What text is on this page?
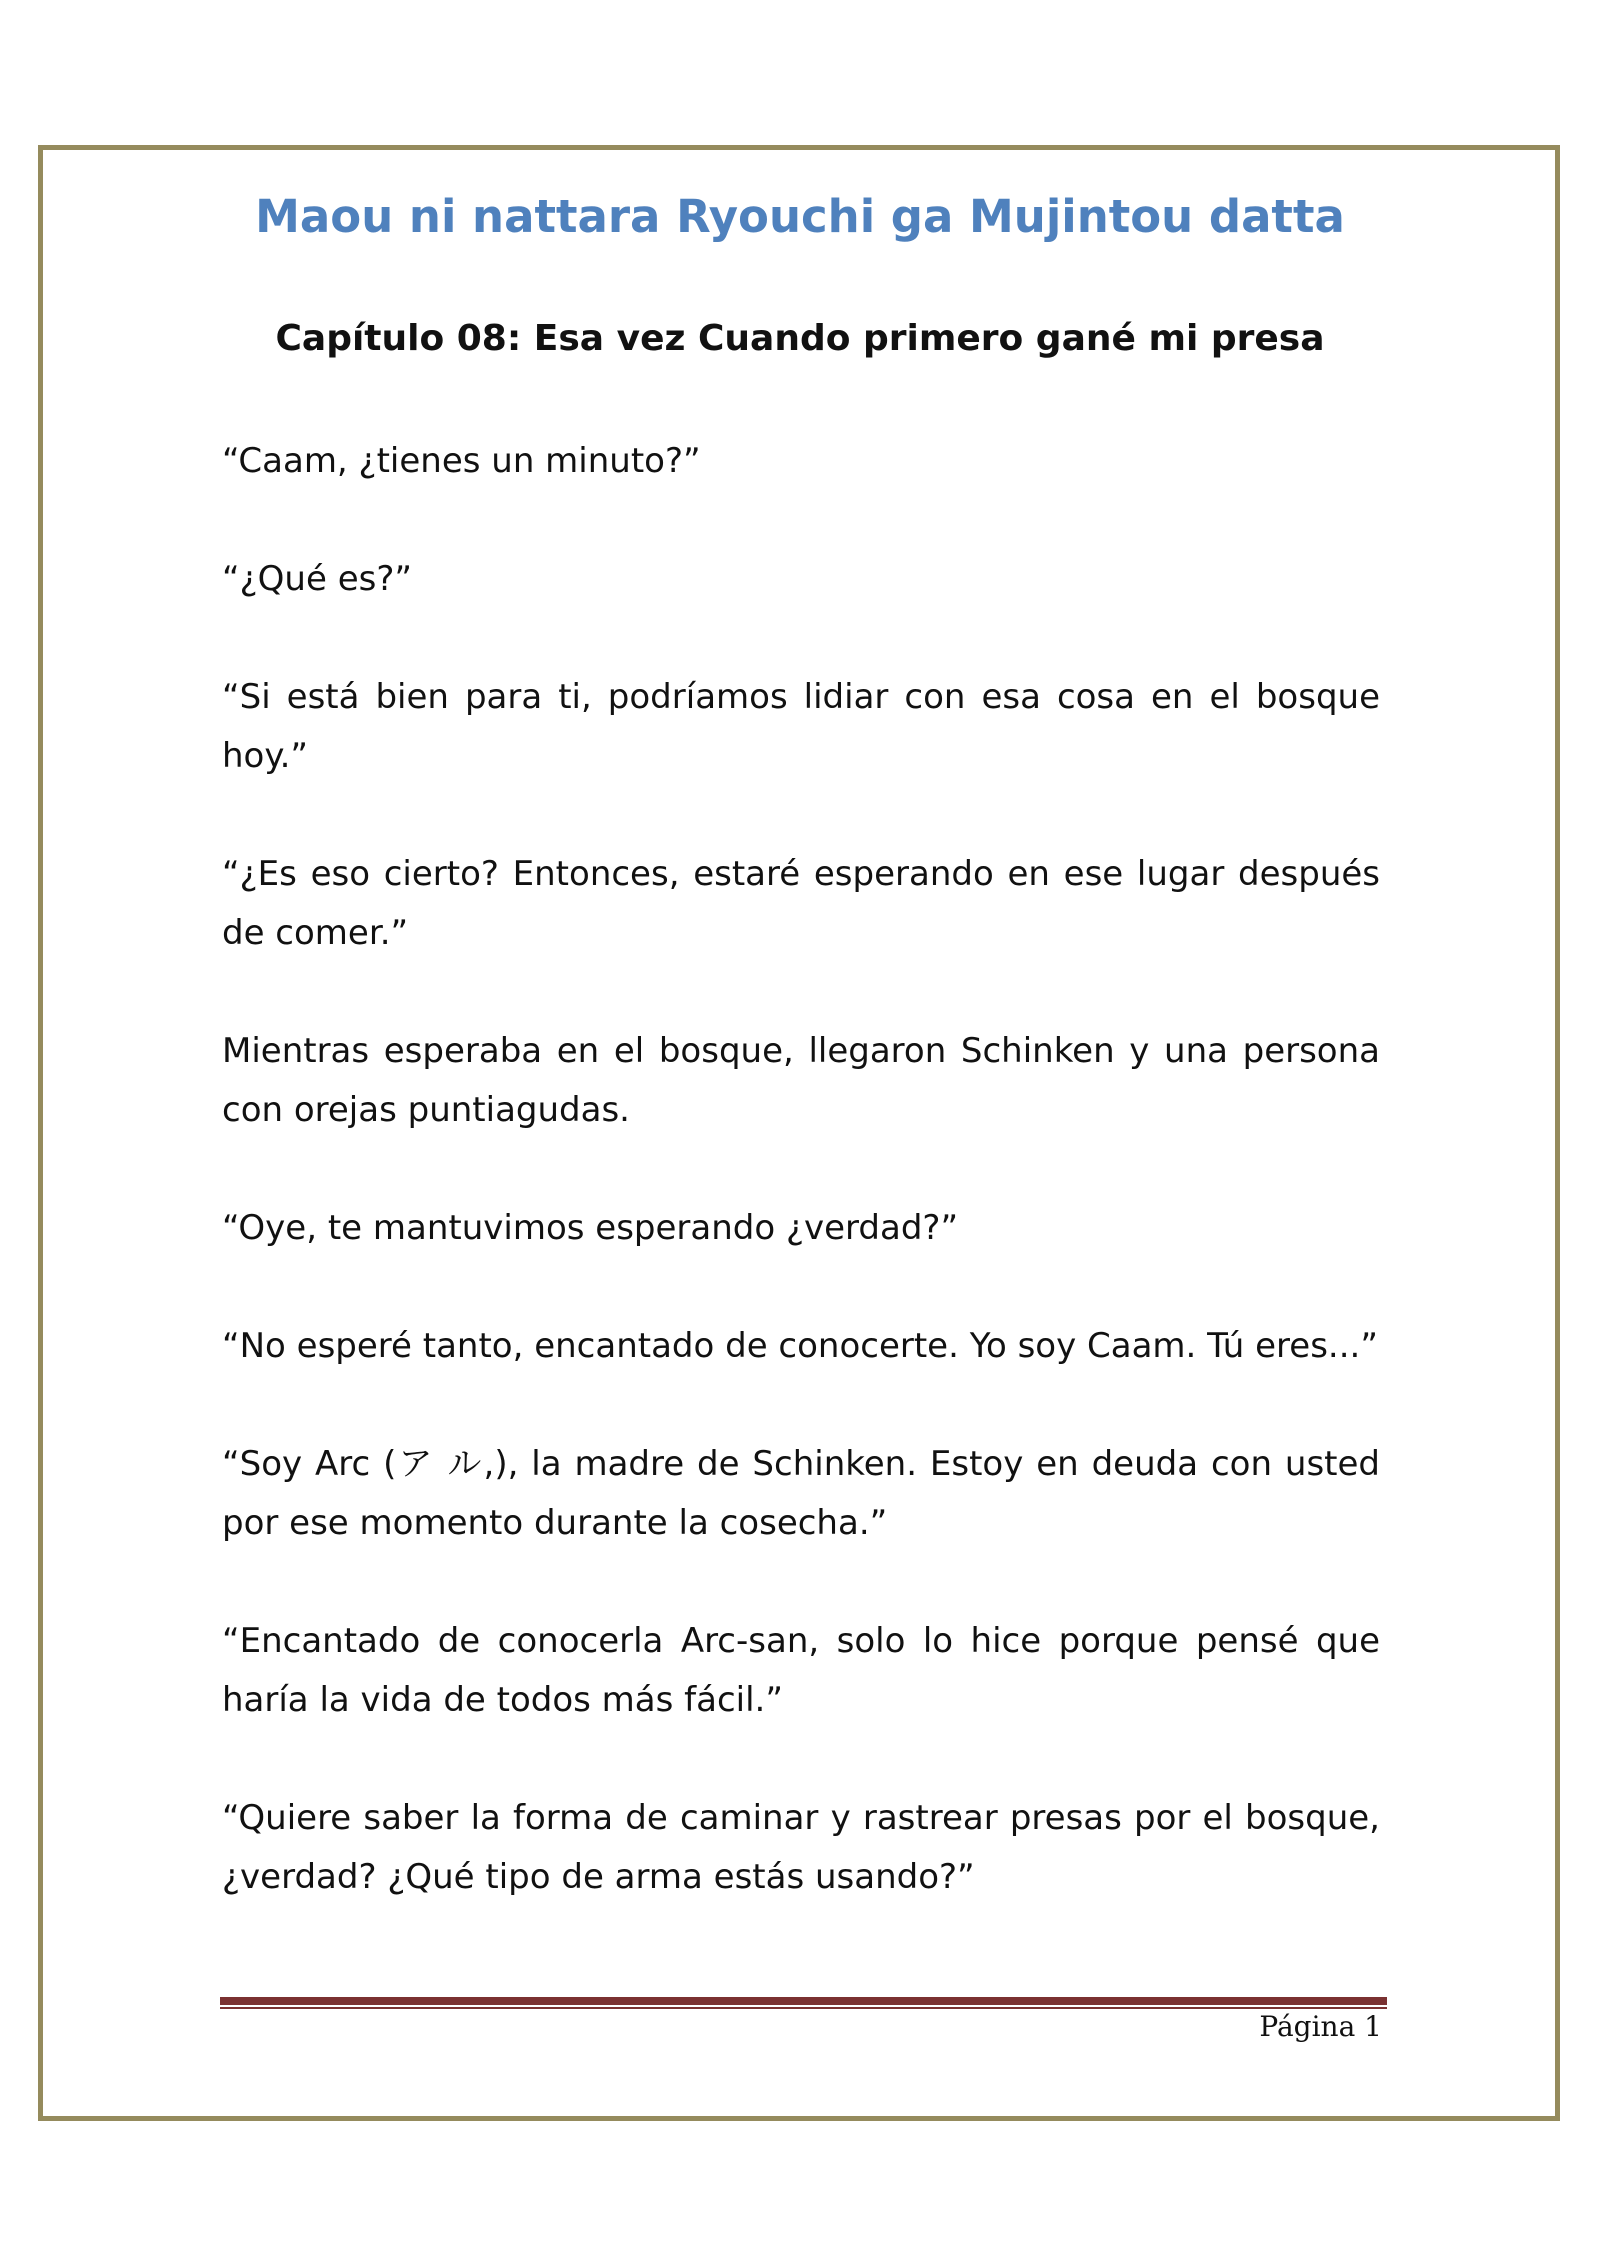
Maou ni nattara Ryouchi ga Mujintou datta
Capítulo 08: Esa vez Cuando primero gané mi presa

“Caam, ¿tienes un minuto?”

“¿Qué es?”

“Si está bien para ti, podríamos lidiar con esa cosa en el bosque hoy.”

“¿Es eso cierto? Entonces, estaré esperando en ese lugar después de comer.”

Mientras esperaba en el bosque, llegaron Schinken y una persona con orejas puntiagudas.

“Oye, te mantuvimos esperando ¿verdad?”

“No esperé tanto, encantado de conocerte. Yo soy Caam. Tú eres...”

“Soy Arc (ア ル,), la madre de Schinken. Estoy en deuda con usted por ese momento durante la cosecha.”

“Encantado de conocerla Arc-san, solo lo hice porque pensé que haría la vida de todos más fácil.”

“Quiere saber la forma de caminar y rastrear presas por el bosque, ¿verdad? ¿Qué tipo de arma estás usando?”

Página 1
